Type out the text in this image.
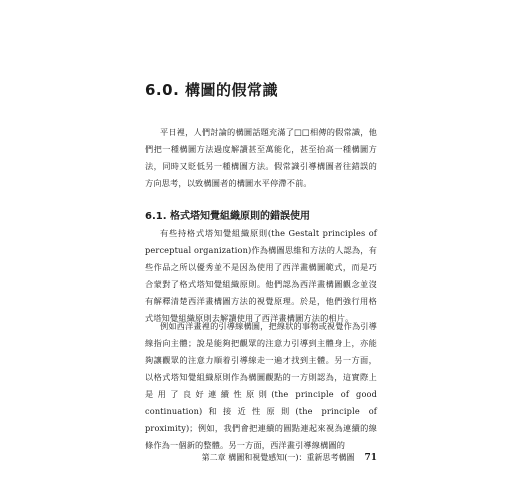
6.0. 構圖的假常識

平日裡，人們討論的構圖話題充滿了□□相傳的假常識，他們把一種構圖方法過度解讀甚至萬能化，甚至抬高一種構圖方法，同時又貶低另一種構圖方法。假常識引導構圖者往錯誤的方向思考，以致構圖者的構圖水平停滯不前。

6.1. 格式塔知覺組織原則的錯誤使用

有些持格式塔知覺組織原則(the Gestalt principles of perceptual organization)作為構圖思維和方法的人認為，有些作品之所以優秀並不是因為使用了西洋畫構圖範式，而是巧合蒙對了格式塔知覺組織原則。他們認為西洋畫構圖觀念並沒有解釋清楚西洋畫構圖方法的視覺原理。於是，他們強行用格式塔知覺組織原則去解讀使用了西洋畫構圖方法的相片。

例如西洋畫裡的引導線構圖，把線狀的事物或視覺作為引導線指向主體；說是能夠把觀眾的注意力引導到主體身上，亦能夠讓觀眾的注意力順着引導線走一遍才找到主體。另一方面，以格式塔知覺組織原則作為構圖觀點的一方則認為，這實際上是用了良好連續性原則(the principle of good continuation)和接近性原則(the principle of proximity)；例如，我們會把連續的圓點連起來視為連續的線條作為一個新的整體。另一方面，西洋畫引導線構圖的

第二章 構圖和視覺感知(一)：重新思考構圖 71
